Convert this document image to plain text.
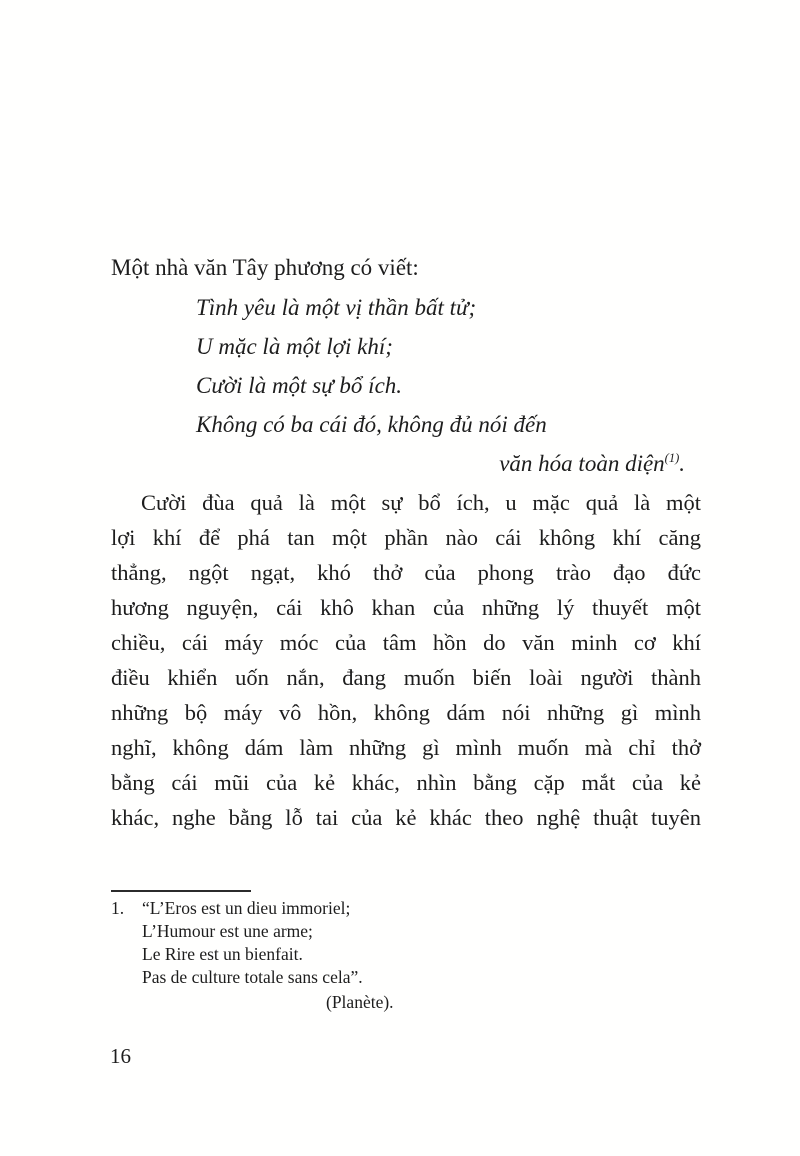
Một nhà văn Tây phương có viết:

Tình yêu là một vị thần bất tử;
U mặc là một lợi khí;
Cười là một sự bổ ích.
Không có ba cái đó, không đủ nói đến
văn hóa toàn diện$^{(1)}$.
Cười đùa quả là một sự bổ ích, u mặc quả là một
lợi khí để phá tan một phần nào cái không khí căng
thẳng, ngột ngạt, khó thở của phong trào đạo đức
hương nguyện, cái khô khan của những lý thuyết một
chiều, cái máy móc của tâm hồn do văn minh cơ khí
điều khiển uốn nắn, đang muốn biến loài người thành
những bộ máy vô hồn, không dám nói những gì mình
nghĩ, không dám làm những gì mình muốn mà chỉ thở
bằng cái mũi của kẻ khác, nhìn bằng cặp mắt của kẻ
khác, nghe bằng lỗ tai của kẻ khác theo nghệ thuật tuyên
1. “L’Eros est un dieu immoriel;
L’Humour est une arme;
Le Rire est un bienfait.
Pas de culture totale sans cela”.
(Planète).
16
